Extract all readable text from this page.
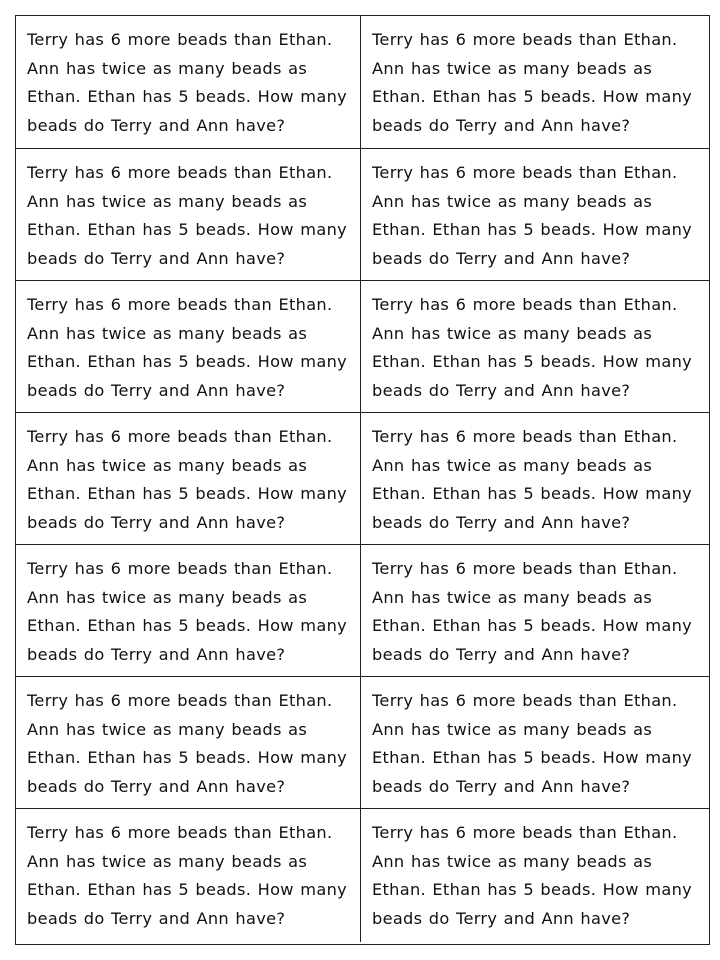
Terry has 6 more beads than Ethan. Ann has twice as many beads as Ethan. Ethan has 5 beads. How many beads do Terry and Ann have?
Terry has 6 more beads than Ethan. Ann has twice as many beads as Ethan. Ethan has 5 beads. How many beads do Terry and Ann have?
Terry has 6 more beads than Ethan. Ann has twice as many beads as Ethan. Ethan has 5 beads. How many beads do Terry and Ann have?
Terry has 6 more beads than Ethan. Ann has twice as many beads as Ethan. Ethan has 5 beads. How many beads do Terry and Ann have?
Terry has 6 more beads than Ethan. Ann has twice as many beads as Ethan. Ethan has 5 beads. How many beads do Terry and Ann have?
Terry has 6 more beads than Ethan. Ann has twice as many beads as Ethan. Ethan has 5 beads. How many beads do Terry and Ann have?
Terry has 6 more beads than Ethan. Ann has twice as many beads as Ethan. Ethan has 5 beads. How many beads do Terry and Ann have?
Terry has 6 more beads than Ethan. Ann has twice as many beads as Ethan. Ethan has 5 beads. How many beads do Terry and Ann have?
Terry has 6 more beads than Ethan. Ann has twice as many beads as Ethan. Ethan has 5 beads. How many beads do Terry and Ann have?
Terry has 6 more beads than Ethan. Ann has twice as many beads as Ethan. Ethan has 5 beads. How many beads do Terry and Ann have?
Terry has 6 more beads than Ethan. Ann has twice as many beads as Ethan. Ethan has 5 beads. How many beads do Terry and Ann have?
Terry has 6 more beads than Ethan. Ann has twice as many beads as Ethan. Ethan has 5 beads. How many beads do Terry and Ann have?
Terry has 6 more beads than Ethan. Ann has twice as many beads as Ethan. Ethan has 5 beads. How many beads do Terry and Ann have?
Terry has 6 more beads than Ethan. Ann has twice as many beads as Ethan. Ethan has 5 beads. How many beads do Terry and Ann have?
